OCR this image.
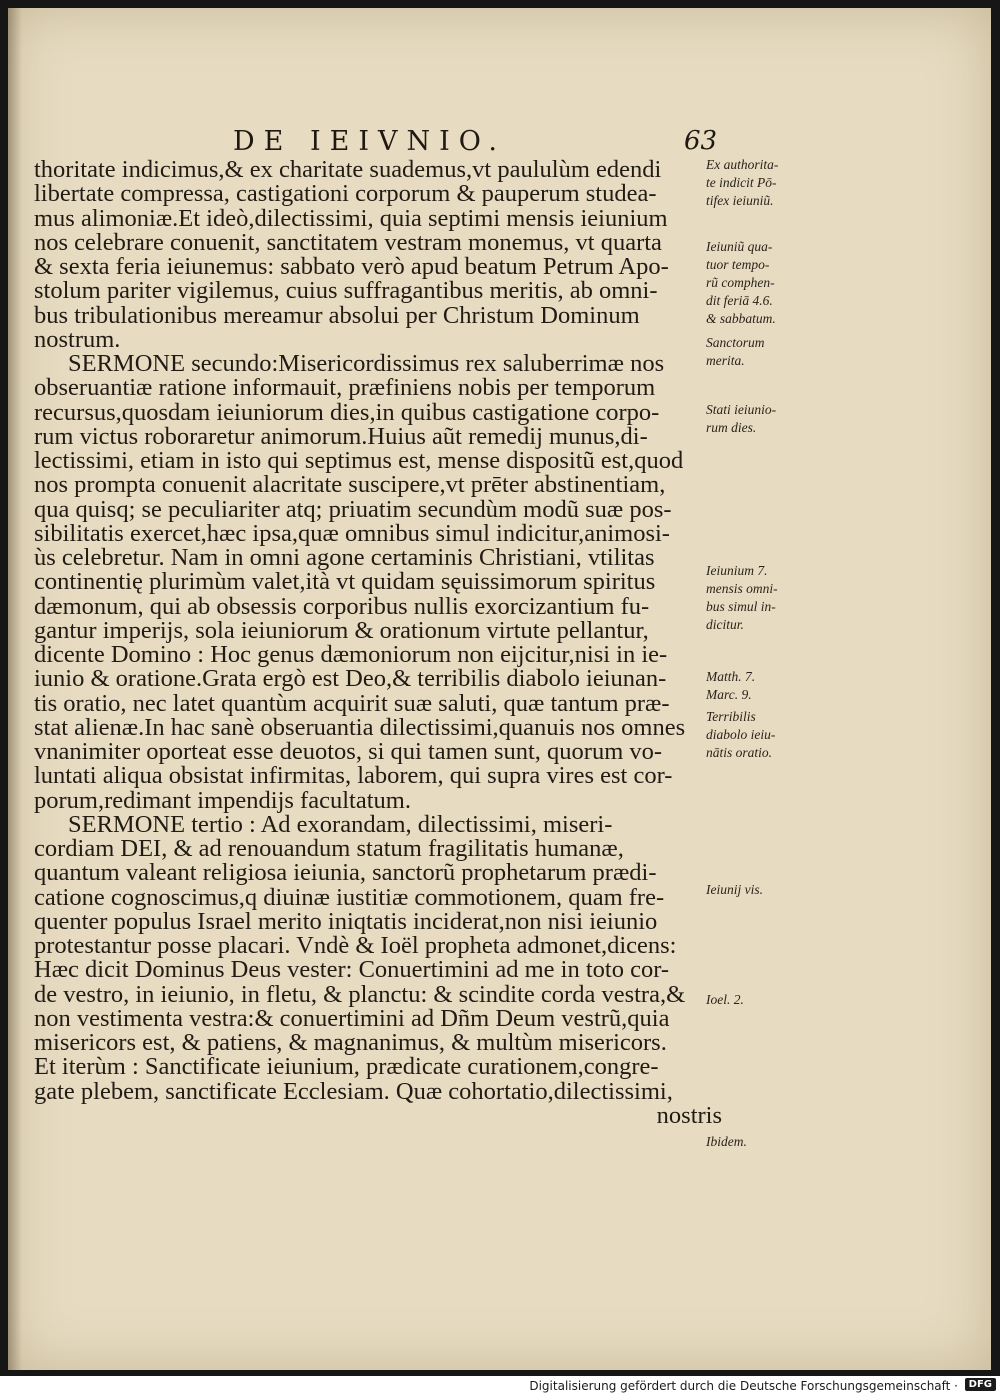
DE IEIVNIO.	63
thoritate indicimus,& ex charitate suademus,vt paululùm edendi
libertate compressa, castigationi corporum & pauperum studea-
mus alimoniæ.Et ideò,dilectissimi, quia septimi mensis ieiunium
nos celebrare conuenit, sanctitatem vestram monemus, vt quarta
& sexta feria ieiunemus: sabbato verò apud beatum Petrum Apo-
stolum pariter vigilemus, cuius suffragantibus meritis, ab omni-
bus tribulationibus mereamur absolui per Christum Dominum
nostrum.
SERMONE secundo:Misericordissimus rex saluberrimæ nos
obseruantiæ ratione informauit, præfiniens nobis per temporum
recursus,quosdam ieiuniorum dies,in quibus castigatione corpo-
rum victus roboraretur animorum.Huius aũt remedij munus,di-
lectissimi, etiam in isto qui septimus est, mense dispositũ est,quod
nos prompta conuenit alacritate suscipere,vt prēter abstinentiam,
qua quisq; se peculiariter atq; priuatim secundùm modũ suæ pos-
sibilitatis exercet,hæc ipsa,quæ omnibus simul indicitur,animosi-
ùs celebretur. Nam in omni agone certaminis Christiani, vtilitas
continentię plurimùm valet,ità vt quidam sęuissimorum spiritus
dæmonum, qui ab obsessis corporibus nullis exorcizantium fu-
gantur imperijs, sola ieiuniorum & orationum virtute pellantur,
dicente Domino : Hoc genus dæmoniorum non eijcitur,nisi in ie-
iunio & oratione.Grata ergò est Deo,& terribilis diabolo ieiunan-
tis oratio, nec latet quantùm acquirit suæ saluti, quæ tantum præ-
stat alienæ.In hac sanè obseruantia dilectissimi,quanuis nos omnes
vnanimiter oporteat esse deuotos, si qui tamen sunt, quorum vo-
luntati aliqua obsistat infirmitas, laborem, qui supra vires est cor-
porum,redimant impendijs facultatum.
SERMONE tertio : Ad exorandam, dilectissimi, miseri-
cordiam DEI, & ad renouandum statum fragilitatis humanæ,
quantum valeant religiosa ieiunia, sanctorũ prophetarum prædi-
catione cognoscimus,q diuinæ iustitiæ commotionem, quam fre-
quenter populus Israel merito iniqtatis inciderat,non nisi ieiunio
protestantur posse placari. Vndè & Ioël propheta admonet,dicens:
Hæc dicit Dominus Deus vester: Conuertimini ad me in toto cor-
de vestro, in ieiunio, in fletu, & planctu: & scindite corda vestra,&
non vestimenta vestra:& conuertimini ad Dñm Deum vestrũ,quia
misericors est, & patiens, & magnanimus, & multùm misericors.
Et iterùm : Sanctificate ieiunium, prædicate curationem,congre-
gate plebem, sanctificate Ecclesiam. Quæ cohortatio,dilectissimi,
nostris
Ex authorita-
te indicit Pō-
tifex ieiuniũ.
Ieiuniũ qua-
tuor tempo-
rũ comphen-
dit feriā 4.6.
& sabbatum.
Sanctorum
merita.
Stati ieiunio-
rum dies.
Ieiunium 7.
mensis omni-
bus simul in-
dicitur.
Matth. 7.
Marc. 9.
Terribilis
diabolo ieiu-
nātis oratio.
Ieiunij vis.
Ioel. 2.
Ibidem.
Digitalisierung gefördert durch die Deutsche Forschungsgemeinschaft ·	DFG
